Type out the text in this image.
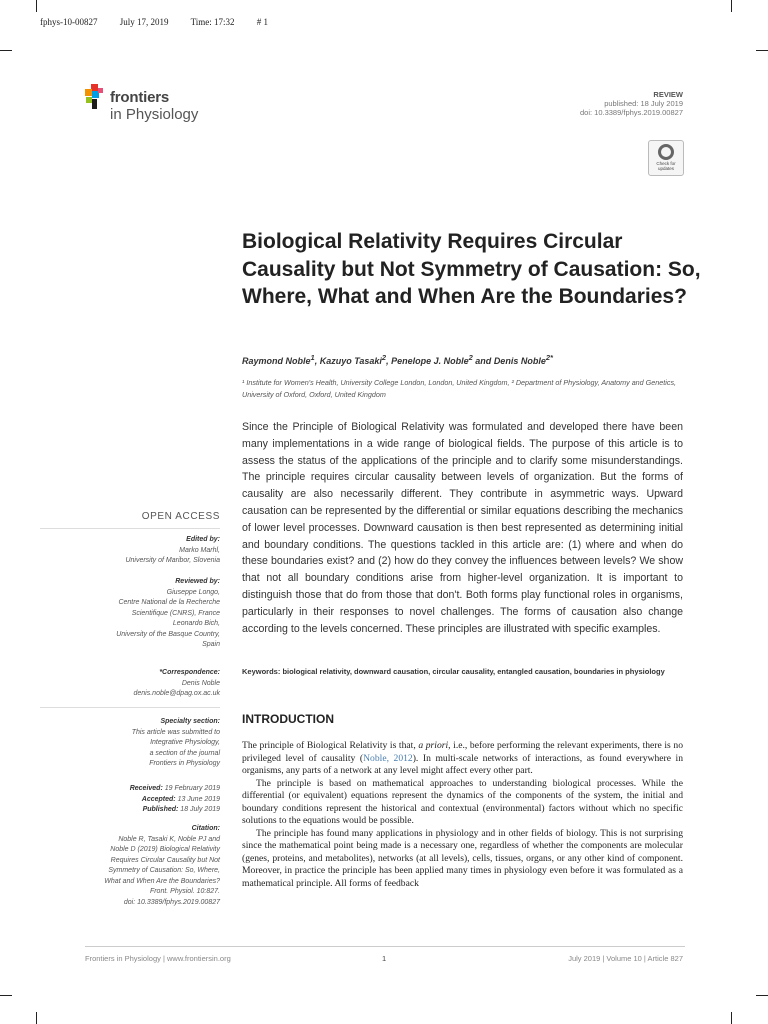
fphys-10-00827 July 17, 2019 Time: 17:32 # 1
frontiers
in Physiology
REVIEW
published: 18 July 2019
doi: 10.3389/fphys.2019.00827
Check for
updates
Biological Relativity Requires Circular Causality but Not Symmetry of Causation: So, Where, What and When Are the Boundaries?
Raymond Noble$^1$, Kazuyo Tasaki$^2$, Penelope J. Noble$^2$ and Denis Noble$^{2*}$
¹ Institute for Women's Health, University College London, London, United Kingdom, ² Department of Physiology, Anatomy and Genetics, University of Oxford, Oxford, United Kingdom
Since the Principle of Biological Relativity was formulated and developed there have been many implementations in a wide range of biological fields. The purpose of this article is to assess the status of the applications of the principle and to clarify some misunderstandings. The principle requires circular causality between levels of organization. But the forms of causality are also necessarily different. They contribute in asymmetric ways. Upward causation can be represented by the differential or similar equations describing the mechanics of lower level processes. Downward causation is then best represented as determining initial and boundary conditions. The questions tackled in this article are: (1) where and when do these boundaries exist? and (2) how do they convey the influences between levels? We show that not all boundary conditions arise from higher-level organization. It is important to distinguish those that do from those that don't. Both forms play functional roles in organisms, particularly in their responses to novel challenges. The forms of causation also change according to the levels concerned. These principles are illustrated with specific examples.
Keywords: biological relativity, downward causation, circular causality, entangled causation, boundaries in physiology
OPEN ACCESS
Edited by:
Marko Marhl,
University of Maribor, Slovenia
Reviewed by:
Giuseppe Longo,
Centre National de la Recherche
Scientifique (CNRS), France
Leonardo Bich,
University of the Basque Country,
Spain
*Correspondence:
Denis Noble
denis.noble@dpag.ox.ac.uk
Specialty section:
This article was submitted to
Integrative Physiology,
a section of the journal
Frontiers in Physiology
Received: 19 February 2019
Accepted: 13 June 2019
Published: 18 July 2019
Citation:
Noble R, Tasaki K, Noble PJ and
Noble D (2019) Biological Relativity
Requires Circular Causality but Not
Symmetry of Causation: So, Where,
What and When Are the Boundaries?
Front. Physiol. 10:827.
doi: 10.3389/fphys.2019.00827
INTRODUCTION

The principle of Biological Relativity is that, a priori, i.e., before performing the relevant experiments, there is no privileged level of causality (Noble, 2012). In multi-scale networks of interactions, as found everywhere in organisms, any parts of a network at any level might affect every other part.

The principle is based on mathematical approaches to understanding biological processes. While the differential (or equivalent) equations represent the dynamics of the components of the system, the initial and boundary conditions represent the historical and contextual (environmental) factors without which no specific solutions to the equations would be possible.

The principle has found many applications in physiology and in other fields of biology. This is not surprising since the mathematical point being made is a necessary one, regardless of whether the components are molecular (genes, proteins, and metabolites), networks (at all levels), cells, tissues, organs, or any other kind of component. Moreover, in practice the principle has been applied many times in physiology even before it was formulated as a mathematical principle. All forms of feedback

Frontiers in Physiology | www.frontiersin.org	1	July 2019 | Volume 10 | Article 827
